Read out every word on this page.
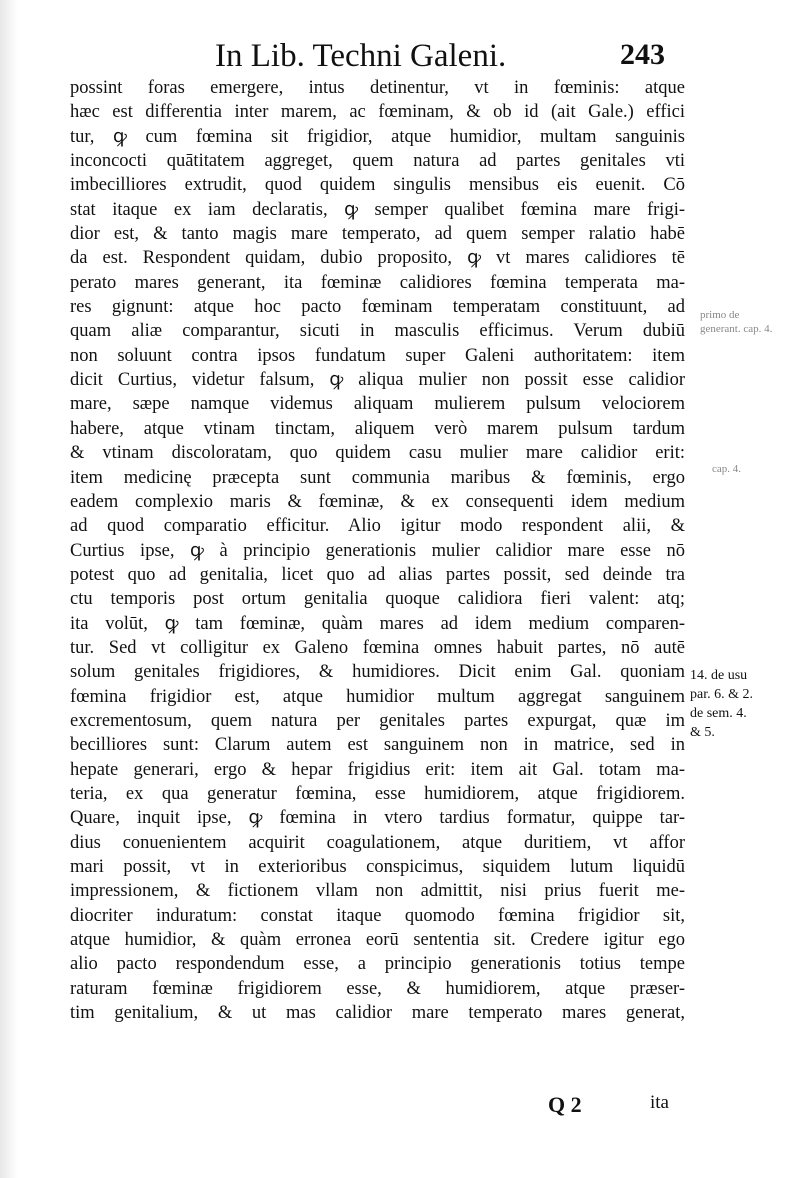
In Lib. Techni Galeni.	243
possint foras emergere, intus detinentur, vt in fœminis: atque
hæc est differentia inter marem, ac fœminam, & ob id (ait Gale.) effici
tur, ꝙ cum fœmina sit frigidior, atque humidior, multam sanguinis
inconcocti quātitatem aggreget, quem natura ad partes genitales vti
imbecilliores extrudit, quod quidem singulis mensibus eis euenit. Cō
stat itaque ex iam declaratis, ꝙ semper qualibet fœmina mare frigi-
dior est, & tanto magis mare temperato, ad quem semper ralatio habē
da est. Respondent quidam, dubio proposito, ꝙ vt mares calidiores tē
perato mares generant, ita fœminæ calidiores fœmina temperata ma-
res gignunt: atque hoc pacto fœminam temperatam constituunt, ad
quam aliæ comparantur, sicuti in masculis efficimus. Verum dubiū
non soluunt contra ipsos fundatum super Galeni authoritatem: item
dicit Curtius, videtur falsum, ꝙ aliqua mulier non possit esse calidior
mare, sæpe namque videmus aliquam mulierem pulsum velociorem
habere, atque vtinam tinctam, aliquem verò marem pulsum tardum
& vtinam discoloratam, quo quidem casu mulier mare calidior erit:
item medicinę præcepta sunt communia maribus & fœminis, ergo
eadem complexio maris & fœminæ, & ex consequenti idem medium
ad quod comparatio efficitur. Alio igitur modo respondent alii, &
Curtius ipse, ꝙ à principio generationis mulier calidior mare esse nō
potest quo ad genitalia, licet quo ad alias partes possit, sed deinde tra
ctu temporis post ortum genitalia quoque calidiora fieri valent: atq;
ita volūt, ꝙ tam fœminæ, quàm mares ad idem medium comparen-
tur. Sed vt colligitur ex Galeno fœmina omnes habuit partes, nō autē
solum genitales frigidiores, & humidiores. Dicit enim Gal. quoniam
fœmina frigidior est, atque humidior multum aggregat sanguinem
excrementosum, quem natura per genitales partes expurgat, quæ im
becilliores sunt: Clarum autem est sanguinem non in matrice, sed in
hepate generari, ergo & hepar frigidius erit: item ait Gal. totam ma-
teria, ex qua generatur fœmina, esse humidiorem, atque frigidiorem.
Quare, inquit ipse, ꝙ fœmina in vtero tardius formatur, quippe tar-
dius conuenientem acquirit coagulationem, atque duritiem, vt affor
mari possit, vt in exterioribus conspicimus, siquidem lutum liquidū
impressionem, & fictionem vllam non admittit, nisi prius fuerit me-
diocriter induratum: constat itaque quomodo fœmina frigidior sit,
atque humidior, & quàm erronea eorū sententia sit. Credere igitur ego
alio pacto respondendum esse, a principio generationis totius tempe
raturam fœminæ frigidiorem esse, & humidiorem, atque præser-
tim genitalium, & ut mas calidior mare temperato mares generat,
primo de generant. cap. 4.
cap. 4.
14. de usu
par. 6. & 2.
de sem. 4.
& 5.
Q 2	ita
